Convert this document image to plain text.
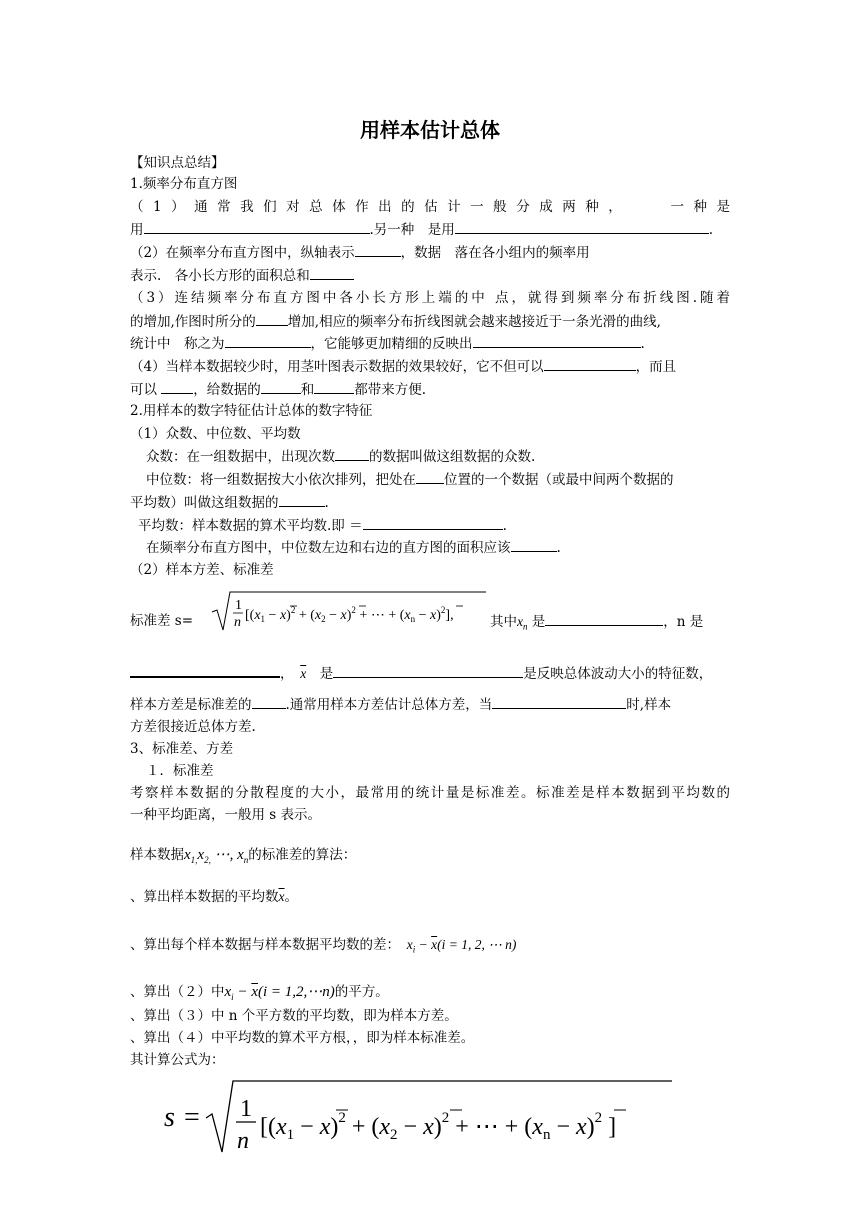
用样本估计总体
【知识点总结】
1.频率分布直方图
（1）通常我们对总体作出的估计一般分成两种，　　一种是
用	.另一种　是用	.
（2）在频率分布直方图中，纵轴表示	，数据　落在各小组内的频率用
表示.　各小长方形的面积总和
（3）连结频率分布直方图中各小长方形上端的中 点，就得到频率分布折线图.随着
的增加,作图时所分的 增加,相应的频率分布折线图就会越来越接近于一条光滑的曲线,
统计中　称之为	，它能够更加精细的反映出	.
（4）当样本数据较少时，用茎叶图表示数据的效果较好，它不但可以	，而且
可以 ，给数据的	和	都带来方便.
2.用样本的数字特征估计总体的数字特征
（1）众数、中位数、平均数
众数：在一组数据中，出现次数	的数据叫做这组数据的众数.
中位数：将一组数据按大小依次排列，把处在 位置的一个数据（或最中间两个数据的
平均数）叫做这组数据的	.
平均数：样本数据的算术平均数.即 ＝	.
在频率分布直方图中，中位数左边和右边的直方图的面积应该	.
（2）样本方差、标准差
标准差 s=
1
n [$(x_1 - x)^2 + (x_2 - x)^2$ + ⋯ + $(x_n - x)^2$],	其中$x_n$ 是	，n 是
，　$\overline{x}$　 是	是反映总体波动大小的特征数，
样本方差是标准差的	.通常用样本方差估计总体方差，当	时,样本
方差很接近总体方差.
3、标准差、方差
１．标准差
考察样本数据的分散程度的大小，最常用的统计量是标准差。标准差是样本数据到平均数的
一种平均距离，一般用 s 表示。
样本数据$x_{1,}x_{2,}$ ⋯, $x_n$的标准差的算法：
、算出样本数据的平均数$\overline{x}$。
、算出每个样本数据与样本数据平均数的差：　 $x_i - \overline{x}(i = 1$, 2, ⋯ n)
、算出（２）中$x_i - \overline{x}(i$ = 1,2,⋯n)的平方。
、算出（３）中 n 个平方数的平均数，即为样本方差。
、算出（４）中平均数的算术平方根，，即为样本标准差。
其计算公式为：
s = 1
n
[$(x_1 - x)^2 + (x_2 - x)^2$ + ⋯ + $(x_n - x)^2$ ]
